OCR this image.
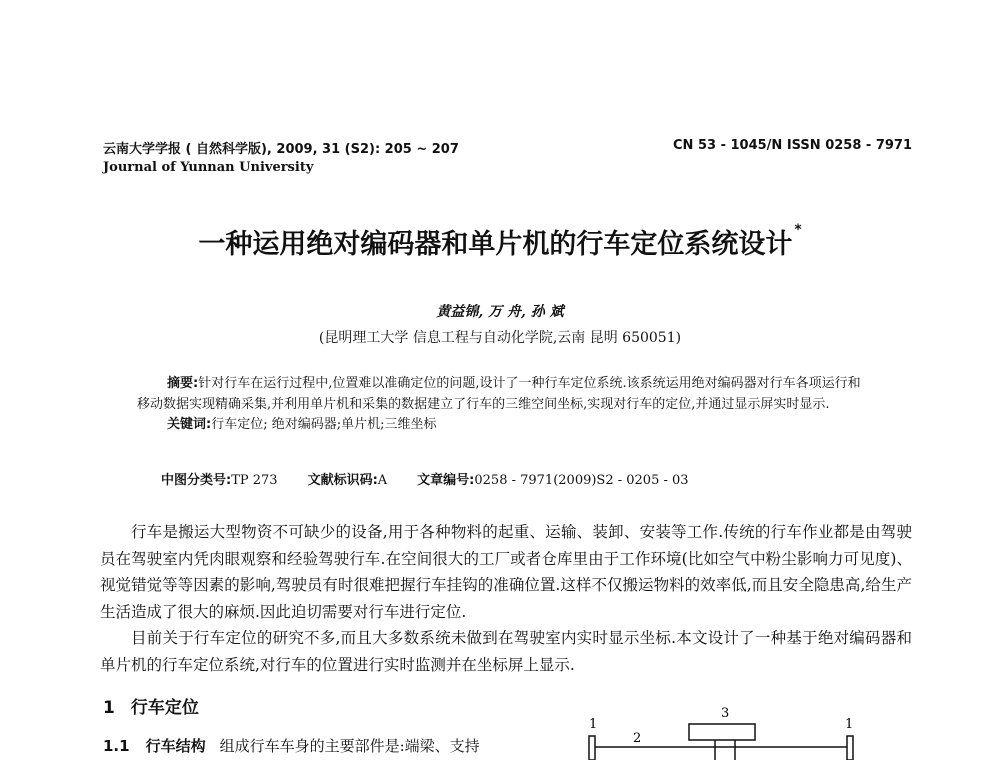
云南大学学报 ( 自然科学版), 2009, 31 (S2): 205 ~ 207
Journal of Yunnan University
CN 53 - 1045/N ISSN 0258 - 7971
一种运用绝对编码器和单片机的行车定位系统设计 *
黄益锦, 万 舟, 孙 斌
(昆明理工大学 信息工程与自动化学院,云南 昆明 650051)
摘要:针对行车在运行过程中,位置难以准确定位的问题,设计了一种行车定位系统.该系统运用绝对编码器对行车各项运行和移动数据实现精确采集,并利用单片机和采集的数据建立了行车的三维空间坐标,实现对行车的定位,并通过显示屏实时显示.
关键词:行车定位; 绝对编码器;单片机;三维坐标
中图分类号:TP 273 文献标识码:A 文章编号:0258 - 7971(2009)S2 - 0205 - 03

行车是搬运大型物资不可缺少的设备,用于各种物料的起重、运输、装卸、安装等工作.传统的行车作业都是由驾驶员在驾驶室内凭肉眼观察和经验驾驶行车.在空间很大的工厂或者仓库里由于工作环境(比如空气中粉尘影响力可见度)、视觉错觉等等因素的影响,驾驶员有时很难把握行车挂钩的准确位置.这样不仅搬运物料的效率低,而且安全隐患高,给生产生活造成了很大的麻烦.因此迫切需要对行车进行定位.

目前关于行车定位的研究不多,而且大多数系统未做到在驾驶室内实时显示坐标.本文设计了一种基于绝对编码器和单片机的行车定位系统,对行车的位置进行实时监测并在坐标屏上显示.

1 行车定位
1.1 行车结构 组成行车车身的主要部件是:端梁、支持
1
2
3
1
